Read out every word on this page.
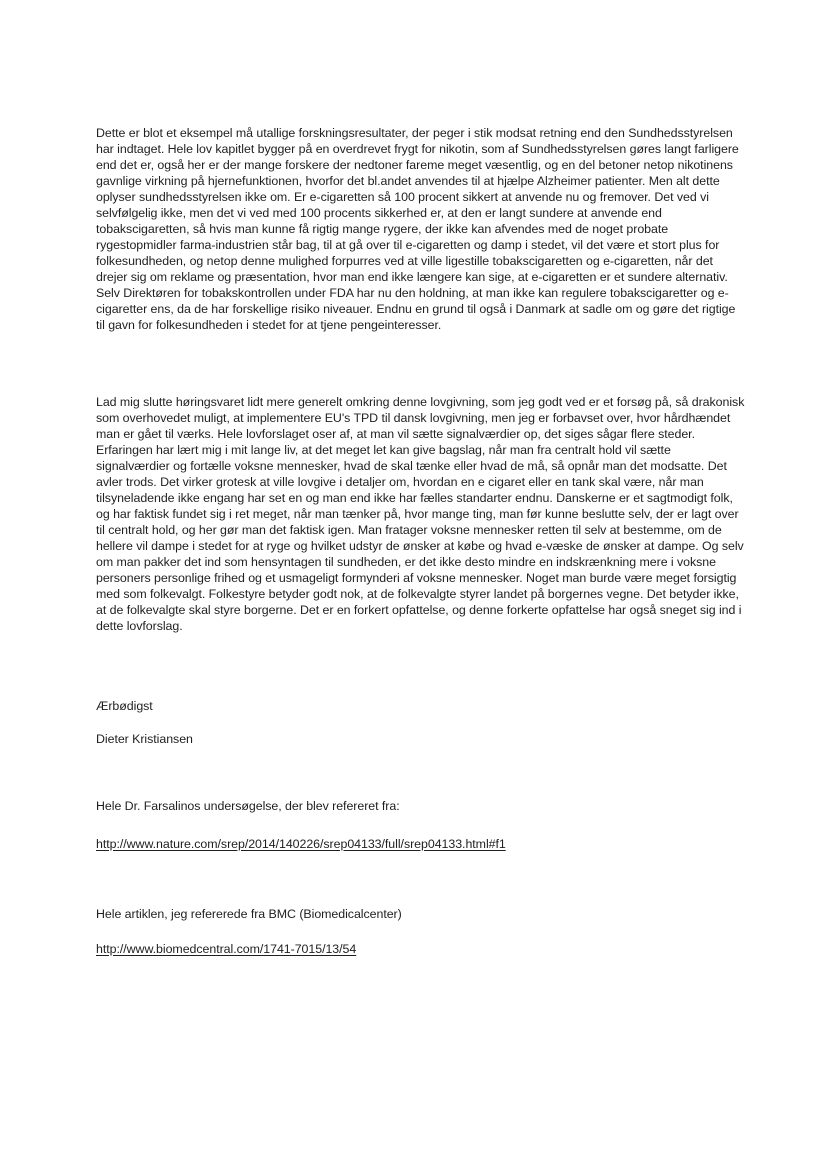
Dette er blot et eksempel må utallige forskningsresultater, der peger i stik modsat retning end den Sundhedsstyrelsen har indtaget. Hele lov kapitlet bygger på en overdrevet frygt for nikotin, som af Sundhedsstyrelsen gøres langt farligere end det er, også her er der mange forskere der nedtoner fareme meget væsentlig, og en del betoner netop nikotinens gavnlige virkning på hjernefunktionen, hvorfor det bl.andet anvendes til at hjælpe Alzheimer patienter. Men alt dette oplyser sundhedsstyrelsen ikke om. Er e-cigaretten så 100 procent sikkert at anvende nu og fremover. Det ved vi selvfølgelig ikke, men det vi ved med 100 procents sikkerhed er, at den er langt sundere at anvende end tobakscigaretten, så hvis man kunne få rigtig mange rygere, der ikke kan afvendes med de noget probate rygestopmidler farma-industrien står bag, til at gå over til e-cigaretten og damp i stedet, vil det være et stort plus for folkesundheden, og netop denne mulighed forpurres ved at ville ligestille tobakscigaretten og e-cigaretten, når det drejer sig om reklame og præsentation, hvor man end ikke længere kan sige, at e-cigaretten er et sundere alternativ. Selv Direktøren for tobakskontrollen under FDA har nu den holdning, at man ikke kan regulere tobakscigaretter og e-cigaretter ens, da de har forskellige risiko niveauer. Endnu en grund til også i Danmark at sadle om og gøre det rigtige til gavn for folkesundheden i stedet for at tjene pengeinteresser.

Lad mig slutte høringsvaret lidt mere generelt omkring denne lovgivning, som jeg godt ved er et forsøg på, så drakonisk som overhovedet muligt, at implementere EU's TPD til dansk lovgivning, men jeg er forbavset over, hvor hårdhændet man er gået til værks. Hele lovforslaget oser af, at man vil sætte signalværdier op, det siges sågar flere steder. Erfaringen har lært mig i mit lange liv, at det meget let kan give bagslag, når man fra centralt hold vil sætte signalværdier og fortælle voksne mennesker, hvad de skal tænke eller hvad de må, så opnår man det modsatte. Det avler trods. Det virker grotesk at ville lovgive i detaljer om, hvordan en e cigaret eller en tank skal være, når man tilsyneladende ikke engang har set en og man end ikke har fælles standarter endnu. Danskerne er et sagtmodigt folk, og har faktisk fundet sig i ret meget, når man tænker på, hvor mange ting, man før kunne beslutte selv, der er lagt over til centralt hold, og her gør man det faktisk igen. Man fratager voksne mennesker retten til selv at bestemme, om de hellere vil dampe i stedet for at ryge og hvilket udstyr de ønsker at købe og hvad e-væske de ønsker at dampe. Og selv om man pakker det ind som hensyntagen til sundheden, er det ikke desto mindre en indskrænkning mere i voksne personers personlige frihed og et usmageligt formynderi af voksne mennesker. Noget man burde være meget forsigtig med som folkevalgt. Folkestyre betyder godt nok, at de folkevalgte styrer landet på borgernes vegne. Det betyder ikke, at de folkevalgte skal styre borgerne. Det er en forkert opfattelse, og denne forkerte opfattelse har også sneget sig ind i dette lovforslag.

Ærbødigst
Dieter Kristiansen
Hele Dr. Farsalinos undersøgelse, der blev refereret fra:
http://www.nature.com/srep/2014/140226/srep04133/full/srep04133.html#f1
Hele artiklen, jeg refererede fra BMC (Biomedicalcenter)
http://www.biomedcentral.com/1741-7015/13/54
